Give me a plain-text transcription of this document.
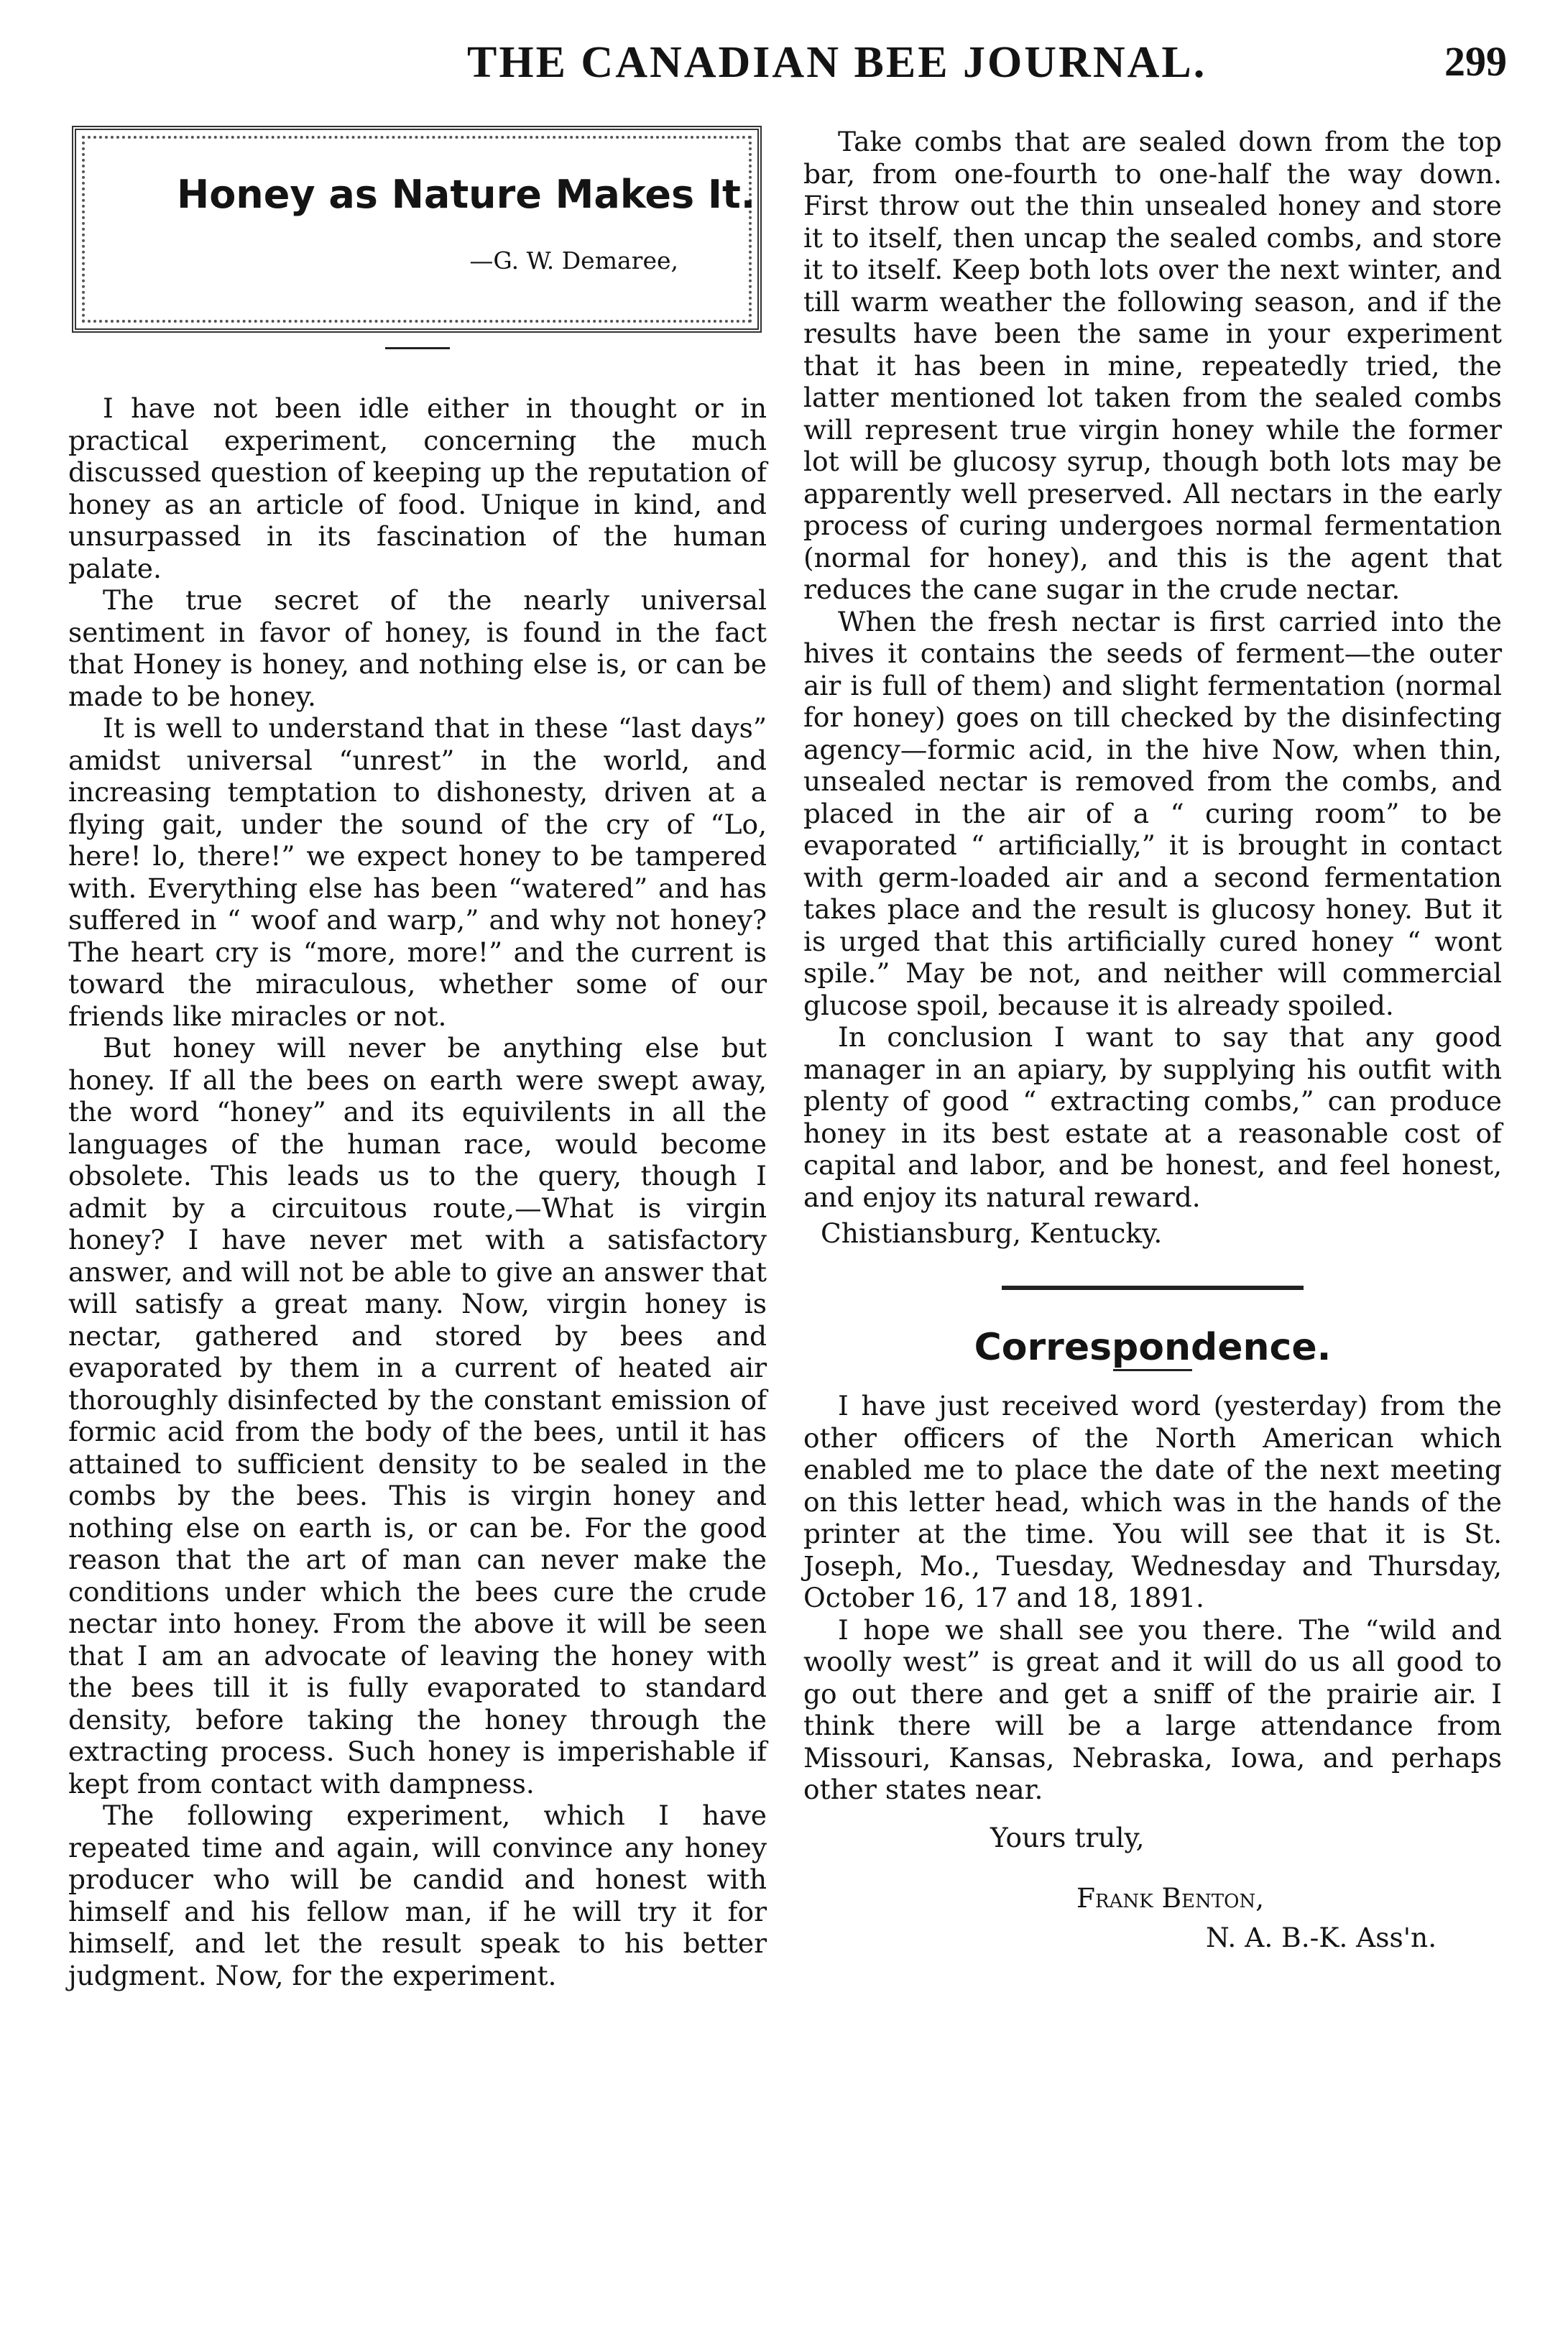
THE CANADIAN BEE JOURNAL.	299
Honey as Nature Makes It.
—G. W. Demaree,

I have not been idle either in thought or in practical experiment, concerning the much discussed question of keeping up the reputation of honey as an article of food. Unique in kind, and unsurpassed in its fascination of the human palate.

The true secret of the nearly universal sentiment in favor of honey, is found in the fact that Honey is honey, and nothing else is, or can be made to be honey.

It is well to understand that in these “last days” amidst universal “unrest” in the world, and increasing temptation to dishonesty, driven at a flying gait, under the sound of the cry of “Lo, here! lo, there!” we expect honey to be tampered with. Everything else has been “watered” and has suffered in “ woof and warp,” and why not honey? The heart cry is “more, more!” and the current is toward the miraculous, whether some of our friends like miracles or not.

But honey will never be anything else but honey. If all the bees on earth were swept away, the word “honey” and its equivilents in all the languages of the human race, would become obsolete. This leads us to the query, though I admit by a circuitous route,—What is virgin honey? I have never met with a satisfactory answer, and will not be able to give an answer that will satisfy a great many. Now, virgin honey is nectar, gathered and stored by bees and evaporated by them in a current of heated air thoroughly disinfected by the constant emission of formic acid from the body of the bees, until it has attained to sufficient density to be sealed in the combs by the bees. This is virgin honey and nothing else on earth is, or can be. For the good reason that the art of man can never make the conditions under which the bees cure the crude nectar into honey. From the above it will be seen that I am an advocate of leaving the honey with the bees till it is fully evaporated to standard density, before taking the honey through the extracting process. Such honey is imperishable if kept from contact with dampness.

The following experiment, which I have repeated time and again, will convince any honey producer who will be candid and honest with himself and his fellow man, if he will try it for himself, and let the result speak to his better judgment. Now, for the experiment.

Take combs that are sealed down from the top bar, from one-fourth to one-half the way down. First throw out the thin unsealed honey and store it to itself, then uncap the sealed combs, and store it to itself. Keep both lots over the next winter, and till warm weather the following season, and if the results have been the same in your experiment that it has been in mine, repeatedly tried, the latter mentioned lot taken from the sealed combs will represent true virgin honey while the former lot will be glucosy syrup, though both lots may be apparently well preserved. All nectars in the early process of curing undergoes normal fermentation (normal for honey), and this is the agent that reduces the cane sugar in the crude nectar.

When the fresh nectar is first carried into the hives it contains the seeds of ferment—the outer air is full of them) and slight fermentation (normal for honey) goes on till checked by the disinfecting agency—formic acid, in the hive Now, when thin, unsealed nectar is removed from the combs, and placed in the air of a “ curing room” to be evaporated “ artificially,” it is brought in contact with germ-loaded air and a second fermentation takes place and the result is glucosy honey. But it is urged that this artificially cured honey “ wont spile.” May be not, and neither will commercial glucose spoil, because it is already spoiled.

In conclusion I want to say that any good manager in an apiary, by supplying his outfit with plenty of good “ extracting combs,” can produce honey in its best estate at a reasonable cost of capital and labor, and be honest, and feel honest, and enjoy its natural reward.

Chistiansburg, Kentucky.
Correspondence.

I have just received word (yesterday) from the other officers of the North American which enabled me to place the date of the next meeting on this letter head, which was in the hands of the printer at the time. You will see that it is St. Joseph, Mo., Tuesday, Wednesday and Thursday, October 16, 17 and 18, 1891.

I hope we shall see you there. The “wild and woolly west” is great and it will do us all good to go out there and get a sniff of the prairie air. I think there will be a large attendance from Missouri, Kansas, Nebraska, Iowa, and perhaps other states near.

Yours truly,
Frank Benton,
N. A. B.-K. Ass'n.
